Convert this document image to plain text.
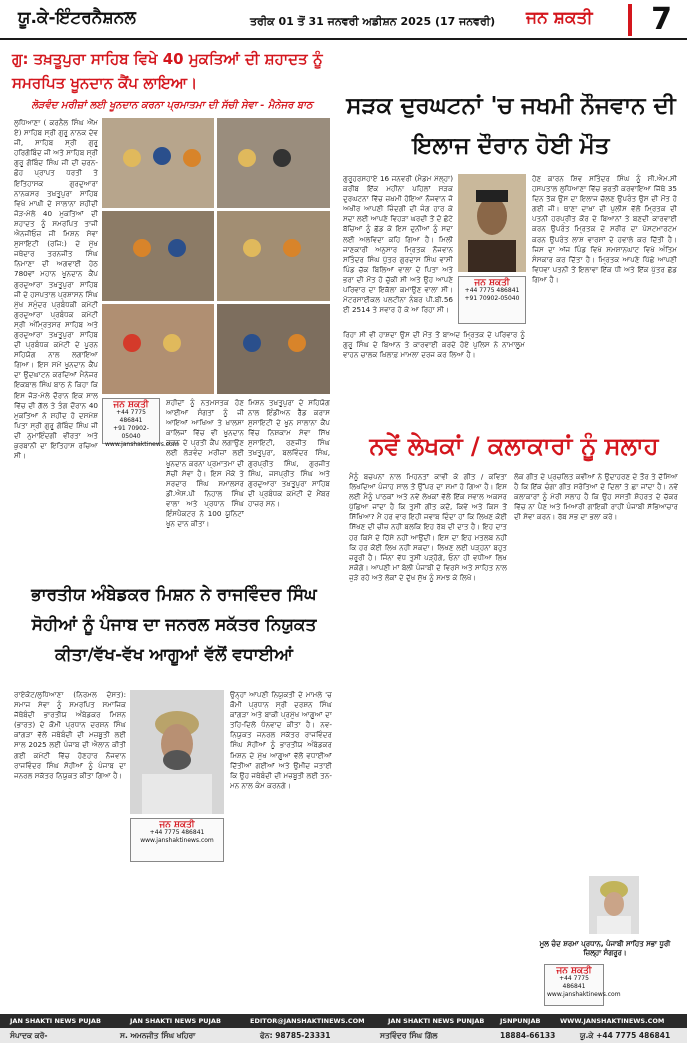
ਯੂ.ਕੇ-ਇੰਟਰਨੈਸ਼ਨਲ	ਤਰੀਕ 01 ਤੋਂ 31 ਜਨਵਰੀ ਅਡੀਸ਼ਨ 2025 (17 ਜਨਵਰੀ) ਜਨ ਸ਼ਕਤੀ	7
ਗੁ: ਤਖ਼ਤੂਪੁਰਾ ਸਾਹਿਬ ਵਿਖੇ 40 ਮੁਕਤਿਆਂ ਦੀ ਸ਼ਹਾਦਤ ਨੂੰ ਸਮਰਪਿਤ ਖੂਨਦਾਨ ਕੈਂਪ ਲਾਇਆ।
ਲੋੜਵੰਦ ਮਰੀਜ਼ਾਂ ਲਈ ਖੂਨਦਾਨ ਕਰਨਾ ਪ੍ਰਮਾਤਮਾ ਦੀ ਸੱਚੀ ਸੇਵਾ - ਮੈਨੇਜਰ ਬਾਠ

ਲੁਧਿਆਣਾ ( ਕਰਨੈਲ ਸਿੰਘ ਐੱਮ ਏ) ਸਾਹਿਬ ਸ੍ਰੀ ਗੁਰੂ ਨਾਨਕ ਦੇਵ ਜੀ, ਸਾਹਿਬ ਸ੍ਰੀ ਗੁਰੂ ਹਰਿਗੋਬਿੰਦ ਜੀ ਅਤੇ ਸਾਹਿਬ ਸ੍ਰੀ ਗੁਰੂ ਗੋਬਿੰਦ ਸਿੰਘ ਜੀ ਦੀ ਚਰਨ-ਛੋਹ ਪ੍ਰਾਪਤ ਧਰਤੀ ਤੇ ਇਤਿਹਾਸਕ ਗੁਰਦੁਆਰਾ ਨਾਨਕਸਰ ਤਖ਼ਤੂਪੁਰਾ ਸਾਹਿਬ ਵਿਖੇ ਮਾਘੀ ਦੇ ਸਾਲਾਨਾ ਸ਼ਹੀਦੀ ਜੋੜ-ਮੇਲੇ 40 ਮੁਕਤਿਆਂ ਦੀ ਸ਼ਹਾਦਤ ਨੂੰ ਸਮਰਪਿਤ ਤਾਜੀ ਐਨਜੀਓਜ਼ ਜੀ ਮਿਸ਼ਨ ਸੇਵਾ ਸੁਸਾਇਟੀ (ਰਜਿ:) ਦੇ ਮੁੱਖ ਜਥੇਦਾਰ ਤਰਨਜੀਤ ਸਿੰਘ ਨਿਮਾਣਾ ਦੀ ਅਗਵਾਈ ਹੇਠ 780ਵਾਂ ਮਹਾਨ ਖੂਨਦਾਨ ਕੈਂਪ ਗੁਰਦੁਆਰਾ ਤਖ਼ਤੂਪੁਰਾ ਸਾਹਿਬ ਜੀ ਦੇ ਹਸਪਤਾਲ ਪ੍ਰਸ਼ਾਸਨ ਸਿੰਘ ਮੁੱਖ ਸਮੁੰਦਰ ਪ੍ਰਬੰਧਕੀ ਕਮੇਟੀ ਗੁਰਦੁਆਰਾ ਪ੍ਰਬੰਧਕ ਕਮੇਟੀ ਸ੍ਰੀ ਅੰਮ੍ਰਿਤਸਰ ਸਾਹਿਬ ਅਤੇ ਗੁਰਦੁਆਰਾ ਤਖ਼ਤੂਪੁਰਾ ਸਾਹਿਬ ਦੀ ਪ੍ਰਬੰਧਕ ਕਮੇਟੀ ਦੇ ਪੂਰਨ ਸਹਿਯੋਗ ਨਾਲ ਲਗਾਇਆ ਗਿਆ। ਇਸ ਸਮੇਂ ਖੂਨਦਾਨ ਕੈਂਪ ਦਾ ਉਦਘਾਟਨ ਕਰਦਿਆਂ ਮੈਨੇਜਰ ਇਕਬਾਲ ਸਿੰਘ ਬਾਠ ਨੇ ਕਿਹਾ ਕਿ ਇਸ ਜੋੜ-ਮੇਲੇ ਦੌਰਾਨ ਇਕ ਸਾਲ ਵਿੱਚ ਦੀ ਗੱਲ ਤੇ ਤੰਗ ਦੌਰਾਨ 40 ਮੁਕਤਿਆਂ ਨੇ ਸ਼ਹੀਦ ਹੋ ਦਸਮੇਸ਼ ਪਿਤਾ ਸ੍ਰੀ ਗੁਰੂ ਗੋਬਿੰਦ ਸਿੰਘ ਜੀ ਦੀ ਨੁਮਾਇੰਦਗੀ ਵੀਰਤਾ ਅਤੇ ਕੁਰਬਾਨੀ ਦਾ ਇਤਿਹਾਸ ਰਚਿਆ ਸੀ।

ਜਨ ਸ਼ਕਤੀ
+44 7775 486841
+91 70902-05040
www.janshaktinews.com

ਸ਼ਹੀਦਾਂ ਨੂੰ ਨਤਮਸਤਕ ਹੋਣ ਆਈਆਂ ਸੰਗਤਾਂ ਨੂੰ ਜੀ ਆਇਆਂ ਆਖਿਆ ਤੇ ਖ਼ਾਲਸਾ ਕਾਲਿਜਾਂ ਵਿੱਚ ਵੀ ਖੂਨਦਾਨ ਕਰਨ ਦੇ ਪ੍ਰਤੀ ਕੈਂਪ ਲਗਾਉਣ ਲਈ ਲੋੜਵੰਦ ਮਰੀਜ਼ਾਂ ਲਈ ਖੂਨਦਾਨ ਕਰਨਾ ਪ੍ਰਮਾਤਮਾ ਦੀ ਸੱਚੀ ਸੇਵਾ ਹੈ। ਇਸ ਮੌਕੇ ਤੇ ਸਰਦਾਰ ਸਿੰਘ ਸਮਾਲਸਰ ਡੀ.ਐਸ.ਪੀ ਨਿਹਾਲ ਸਿੰਘ ਵਾਲਾ ਅਤੇ ਪ੍ਰਧਾਨ ਸਿੰਘ ਇੰਸਪੈਕਟਰ ਨੇ 100 ਯੂਨਿਟਾਂ ਖੂਨ ਦਾਨ ਕੀਤਾ।

ਮਿਸ਼ਨ ਤਖ਼ਤੂਪੁਰਾ ਦੇ ਸਹਿਯੋਗ ਨਾਲ ਇੰਡੀਅਨ ਰੈੱਡ ਕਰਾਸ ਸੁਸਾਇਟੀ ਦੇ ਖੂਨ ਸਾਲਾਨਾ ਕੈਂਪ ਵਿੱਚ ਨਿਸ਼ਕਾਮ ਸੇਵਾ ਸਿੱਖ ਸੁਸਾਇਟੀ, ਰਣਜੀਤ ਸਿੰਘ ਤਖ਼ਤੂਪੁਰਾ, ਬਲਵਿੰਦਰ ਸਿੰਘ, ਗੁਰਪ੍ਰੀਤ ਸਿੰਘ, ਗੁਰਜੀਤ ਸਿੰਘ, ਜਸਪ੍ਰੀਤ ਸਿੰਘ ਅਤੇ ਗੁਰਦੁਆਰਾ ਤਖ਼ਤੂਪੁਰਾ ਸਾਹਿਬ ਦੀ ਪ੍ਰਬੰਧਕ ਕਮੇਟੀ ਦੇ ਮੈਂਬਰ ਹਾਜ਼ਰ ਸਨ।

ਸੜਕ ਦੁਰਘਟਨਾਂ 'ਚ ਜਖਮੀ ਨੌਜਵਾਨ ਦੀ ਇਲਾਜ ਦੌਰਾਨ ਹੋਈ ਮੌਤ

ਗੁਰੂਹਰਸਹਾਏ 16 ਜਨਵਰੀ (ਮੈਡਮ ਮੱਲ੍ਹਾ) ਕਰੀਬ ਇੱਕ ਮਹੀਨਾ ਪਹਿਲਾਂ ਸੜਕ ਦੁਰਘਟਨਾ ਵਿੱਚ ਜ਼ਖ਼ਮੀ ਹੋਇਆ ਨੌਜਵਾਨ ਜੋ ਅਖੀਰ ਆਪਣੀ ਜ਼ਿੰਦਗੀ ਦੀ ਜੰਗ ਹਾਰ ਕੇ ਸਦਾ ਲਈ ਆਪਣੇ ਵਿਹੜਾ ਘਰਦੀ ਤੋਂ ਦੋ ਛੋਟੇ ਬੱਚਿਆਂ ਨੂੰ ਛੱਡ ਕੇ ਇਸ ਦੁਨੀਆਂ ਨੂੰ ਸਦਾ ਲਈ ਅਲਵਿਦਾ ਕਹਿ ਗਿਆ ਹੈ। ਮਿਲੀ ਜਾਣਕਾਰੀ ਅਨੁਸਾਰ ਮ੍ਰਿਤਕ ਨੌਜਵਾਨ ਸਤਿੰਦਰ ਸਿੰਘ ਪੁੱਤਰ ਗੁਰਦਾਸ ਸਿੰਘ ਵਾਸੀ ਪਿੰਡ ਚੱਕ ਬਿਲਿਆਂ ਵਾਲਾ ਦੇ ਪਿਤਾ ਅਤੇ ਭਰਾ ਦੀ ਮੌਤ ਹੋ ਚੁੱਕੀ ਸੀ ਅਤੇ ਉਹ ਆਪਣੇ ਪਰਿਵਾਰ ਦਾ ਇਕੱਲਾ ਕਮਾਉਣ ਵਾਲਾ ਸੀ। ਮੋਟਰਸਾਈਕਲ ਪਲਟੀਨਾ ਨੰਬਰ ਪੀ.ਬੀ.56 ਈ 2514 ਤੇ ਸਵਾਰ ਹੋ ਕੇ ਆ ਰਿਹਾ ਸੀ।

ਜਨ ਸ਼ਕਤੀ
+44 7775 486841
+91 70902-05040

ਹੋਣ ਕਾਰਨ ਸ਼ਿਵ ਸਤਿੰਦਰ ਸਿੰਘ ਨੂੰ ਸੀ.ਐਮ.ਸੀ ਹਸਪਤਾਲ ਲੁਧਿਆਣਾ ਵਿੱਚ ਭਰਤੀ ਕਰਵਾਇਆ ਜਿੱਥੇ 35 ਦਿਨ ਤੱਕ ਉਸ ਦਾ ਇਲਾਜ ਚੱਲਣ ਉਪਰੰਤ ਉਸ ਦੀ ਮੌਤ ਹੋ ਗਈ ਜੀ। ਥਾਣਾ ਦਾਖ਼ਾ ਦੀ ਪੁਲੀਸ ਵੱਲੋਂ ਮ੍ਰਿਤਕ ਦੀ ਪਤਨੀ ਹਰਪ੍ਰੀਤ ਕੌਰ ਦੇ ਬਿਆਨਾਂ ਤੇ ਬਣਦੀ ਕਾਰਵਾਈ ਕਰਨ ਉਪਰੰਤ ਮ੍ਰਿਤਕ ਦੇ ਸਰੀਰ ਦਾ ਪੋਸਟਮਾਰਟਮ ਕਰਨ ਉਪਰੰਤ ਲਾਸ਼ ਵਾਰਸਾਂ ਦੇ ਹਵਾਲੇ ਕਰ ਦਿੱਤੀ ਹੈ। ਜਿਸ ਦਾ ਅੱਜ ਪਿੰਡ ਵਿਖੇ ਸਮਸ਼ਾਨਘਾਟ ਵਿਖੇ ਅੰਤਿਮ ਸੰਸਕਾਰ ਕਰ ਦਿੱਤਾ ਹੈ। ਮ੍ਰਿਤਕ ਆਪਣੇ ਪਿੱਛੇ ਆਪਣੀ ਵਿਧਵਾ ਪਤਨੀ ਤੋਂ ਇਲਾਵਾ ਇੱਕ ਧੀ ਅਤੇ ਇੱਕ ਪੁੱਤਰ ਛੱਡ ਗਿਆ ਹੈ।

ਰਿਹਾ ਸੀ ਵੀ ਹਾਸ਼ਦਾ ਉਸ ਦੀ ਮੌਤ ਤੋਂ ਬਾਅਦ ਮ੍ਰਿਤਕ ਦੇ ਪਰਿਵਾਰ ਨੂੰ ਗੁਰੂ ਸਿੰਘ ਦੇ ਬਿਆਨ ਤੇ ਕਾਰਵਾਈ ਕਰਦੇ ਹੋਏ ਪੁਲਿਸ ਨੇ ਨਾਮਾਲੂਮ ਵਾਹਨ ਚਾਲਕ ਖ਼ਿਲਾਫ਼ ਮਾਮਲਾ ਦਰਜ ਕਰ ਲਿਆ ਹੈ।

ਨਵੇਂ ਲੇਖਕਾਂ / ਕਲਾਕਾਰਾਂ ਨੂੰ ਸਲਾਹ

ਮੈਨੂੰ ਬਚਪਨਾਂ ਨਾਲ ਮਿਹਨਤਾਂ ਕਾਵੀ ਕੇ ਗੀਤ / ਕਵਿਤਾ ਲਿਖਦਿਆਂ ਪੰਜਾਹ ਸਾਲ ਤੋਂ ਉੱਪਰ ਦਾ ਸਮਾਂ ਹੋ ਗਿਆ ਹੈ। ਇਸ ਲਈ ਮੈਨੂੰ ਪਾਠਕਾਂ ਅਤੇ ਨਵੇਂ ਲੇਖਕਾਂ ਵੱਲੋਂ ਇੱਕ ਸਵਾਲ ਅਕਸਰ ਪੁੱਛਿਆ ਜਾਂਦਾ ਹੈ ਕਿ ਤੁਸੀਂ ਗੀਤ ਕਦੋਂ, ਕਿਵੇਂ ਅਤੇ ਕਿਸ ਤੋਂ ਸਿੱਖਿਆ? ਮੈਂ ਹਰ ਵਾਰ ਇਹੀ ਜਵਾਬ ਦਿੰਦਾ ਹਾਂ ਕਿ ਲਿਖਣ ਕੋਈ ਸਿੱਖਣ ਦੀ ਚੀਜ਼ ਨਹੀਂ ਬਲਕਿ ਇਹ ਰੱਬ ਦੀ ਦਾਤ ਹੈ। ਇਹ ਦਾਤ ਹਰ ਕਿਸੇ ਦੇ ਹਿੱਸੇ ਨਹੀਂ ਆਉਂਦੀ। ਇਸ ਦਾ ਇਹ ਮਤਲਬ ਨਹੀਂ ਕਿ ਹਰ ਕੋਈ ਲਿਖ ਨਹੀਂ ਸਕਦਾ। ਲਿਖਣ ਲਈ ਪੜ੍ਹਨਾ ਬਹੁਤ ਜ਼ਰੂਰੀ ਹੈ। ਜਿੰਨਾ ਵੱਧ ਤੁਸੀਂ ਪੜ੍ਹੋਗੇ, ਓਨਾ ਹੀ ਵਧੀਆ ਲਿਖ ਸਕੋਗੇ। ਆਪਣੀ ਮਾਂ ਬੋਲੀ ਪੰਜਾਬੀ ਦੇ ਵਿਰਸੇ ਅਤੇ ਸਾਹਿਤ ਨਾਲ ਜੁੜੇ ਰਹੋ ਅਤੇ ਲੋਕਾਂ ਦੇ ਦੁੱਖ ਸੁੱਖ ਨੂੰ ਸਮਝ ਕੇ ਲਿਖੋ।

ਲੋਕ ਗੀਤ ਦੇ ਪ੍ਰਚਲਿਤ ਕਵੀਆਂ ਨੇ ਉਦਾਹਰਣ ਦੇ ਤੌਰ ਤੇ ਦੱਸਿਆ ਹੈ ਕਿ ਇੱਕ ਚੰਗਾ ਗੀਤ ਸਰੋਤਿਆਂ ਦੇ ਦਿਲਾਂ ਤੇ ਛਾ ਜਾਂਦਾ ਹੈ। ਨਵੇਂ ਕਲਾਕਾਰਾਂ ਨੂੰ ਮੇਰੀ ਸਲਾਹ ਹੈ ਕਿ ਉਹ ਸਸਤੀ ਸ਼ੋਹਰਤ ਦੇ ਚੱਕਰ ਵਿੱਚ ਨਾ ਪੈਣ ਅਤੇ ਮਿਆਰੀ ਗਾਇਕੀ ਰਾਹੀਂ ਪੰਜਾਬੀ ਸੱਭਿਆਚਾਰ ਦੀ ਸੇਵਾ ਕਰਨ। ਰੱਬ ਸਭ ਦਾ ਭਲਾ ਕਰੇ।

ਮੂਲ ਚੰਦ ਸ਼ਰਮਾ ਪ੍ਰਧਾਨ, ਪੰਜਾਬੀ ਸਾਹਿਤ ਸਭਾ ਧੂਰੀ ਜ਼ਿਲ੍ਹਾ ਸੰਗਰੂਰ।
ਜਨ ਸ਼ਕਤੀ
+44 7775 486841
www.janshaktinews.com
ਭਾਰਤੀਯ ਅੰਬੇਡਕਰ ਮਿਸ਼ਨ ਨੇ ਰਾਜਵਿੰਦਰ ਸਿੰਘ ਸੋਹੀਆਂ ਨੂੰ ਪੰਜਾਬ ਦਾ ਜਨਰਲ ਸਕੱਤਰ ਨਿਯੁਕਤ ਕੀਤਾ/ਵੱਖ-ਵੱਖ ਆਗੂਆਂ ਵੱਲੋਂ ਵਧਾਈਆਂ

ਰਾਏਕੋਟ/ਲੁਧਿਆਣਾ (ਨਿਰਮਲ ਦੋਸਤ): ਸਮਾਜ ਸੇਵਾ ਨੂੰ ਸਮਰਪਿਤ ਸਮਾਜਿਕ ਜੱਥੇਬੰਦੀ ਭਾਰਤੀਯ ਅੰਬੇਡਕਰ ਮਿਸ਼ਨ (ਭਾਰਤ) ਦੇ ਕੌਮੀ ਪ੍ਰਧਾਨ ਦਰਸ਼ਨ ਸਿੰਘ ਕਾਂਗੜਾ ਵੱਲੋਂ ਜਥੇਬੰਦੀ ਦੀ ਮਜ਼ਬੂਤੀ ਲਈ ਸਾਲ 2025 ਲਈ ਪੰਜਾਬ ਦੀ ਐਲਾਨ ਕੀਤੀ ਗਈ ਕਮੇਟੀ ਵਿੱਚ ਹੋਣਹਾਰ ਨੌਜਵਾਨ ਰਾਜਵਿੰਦਰ ਸਿੰਘ ਸੋਹੀਆਂ ਨੂੰ ਪੰਜਾਬ ਦਾ ਜਨਰਲ ਸਕੱਤਰ ਨਿਯੁਕਤ ਕੀਤਾ ਗਿਆ ਹੈ।

ਜਨ ਸ਼ਕਤੀ
+44 7775 486841
www.janshaktinews.com

ਉਨ੍ਹਾਂ ਆਪਣੀ ਨਿਯੁਕਤੀ ਦੇ ਮਾਮਲੇ 'ਚ ਕੌਮੀ ਪ੍ਰਧਾਨ ਸ੍ਰੀ ਦਰਸ਼ਨ ਸਿੰਘ ਕਾਂਗੜਾ ਅਤੇ ਬਾਕੀ ਪ੍ਰਮੁੱਖ ਆਗੂਆਂ ਦਾ ਤਹਿ-ਦਿਲੋਂ ਧੰਨਵਾਦ ਕੀਤਾ ਹੈ। ਨਵ-ਨਿਯੁਕਤ ਜਨਰਲ ਸਕੱਤਰ ਰਾਜਵਿੰਦਰ ਸਿੰਘ ਸੋਹੀਆਂ ਨੂੰ ਭਾਰਤੀਯ ਅੰਬੇਡਕਰ ਮਿਸ਼ਨ ਦੇ ਮੁੱਖ ਆਗੂਆਂ ਵੱਲੋਂ ਵਧਾਈਆਂ ਦਿੱਤੀਆਂ ਗਈਆਂ ਅਤੇ ਉਮੀਦ ਜਤਾਈ ਕਿ ਉਹ ਜਥੇਬੰਦੀ ਦੀ ਮਜ਼ਬੂਤੀ ਲਈ ਤਨ-ਮਨ ਨਾਲ ਕੰਮ ਕਰਨਗੇ।

JAN SHAKTI NEWS PUJAB	JAN SHAKTI NEWS PUJAB	EDITOR@JANSHAKTINEWS.COM	JAN SHAKTI NEWS PUNJAB JSNPUNJAB	WWW.JANSHAKTINEWS.COM
ਸੰਪਾਦਕ ਕਰੋ-	ਸ. ਅਮਨਜੀਤ ਸਿੰਘ ਖਹਿਰਾ	ਫੋਨ: 98785-23331	ਸਤਵਿੰਦਰ ਸਿੰਘ ਗਿੱਲ	18884-66133	ਯੂ.ਕੇ +44 7775 486841
